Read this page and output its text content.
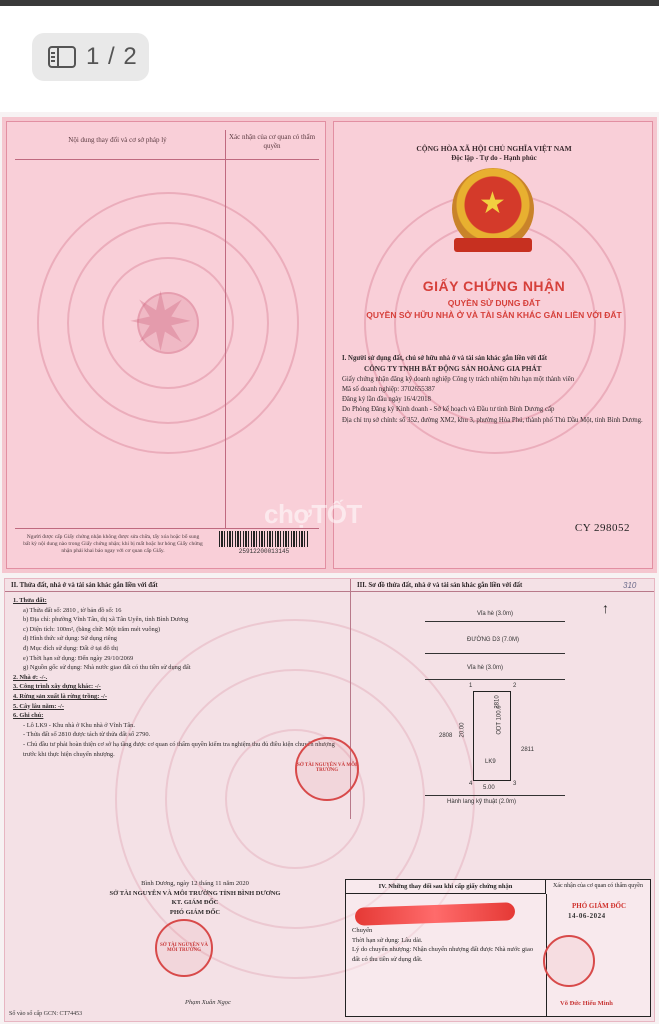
1 / 2
✷
Nội dung thay đổi và cơ sở pháp lý	Xác nhận của cơ quan có thẩm quyền
Người được cấp Giấy chứng nhận không được sửa chữa, tẩy xóa hoặc bổ sung bất kỳ nội dung nào trong Giấy chứng nhận; khi bị mất hoặc hư hỏng Giấy chứng nhận phải khai báo ngay với cơ quan cấp Giấy.	25912200013145
CỘNG HÒA XÃ HỘI CHỦ NGHĨA VIỆT NAM
Độc lập - Tự do - Hạnh phúc
★
GIẤY CHỨNG NHẬN
QUYỀN SỬ DỤNG ĐẤT
QUYỀN SỞ HỮU NHÀ Ở VÀ TÀI SẢN KHÁC GẮN LIỀN VỚI ĐẤT
I. Người sử dụng đất, chủ sở hữu nhà ở và tài sản khác gắn liền với đất
CÔNG TY TNHH BẤT ĐỘNG SẢN HOÀNG GIA PHÁT
Giấy chứng nhận đăng ký doanh nghiệp Công ty trách nhiệm hữu hạn một thành viên
Mã số doanh nghiệp: 3702655387
Đăng ký lần đầu ngày 16/4/2018
Do Phòng Đăng ký Kinh doanh - Sở kế hoạch và Đầu tư tỉnh Bình Dương cấp
Địa chỉ trụ sở chính: số 352, đường XM2, khu 3, phường Hòa Phú, thành phố Thủ Dầu Một, tỉnh Bình Dương.
CY 298052
chợTỐT
II. Thửa đất, nhà ở và tài sản khác gắn liền với đất	III. Sơ đồ thửa đất, nhà ở và tài sản khác gắn liền với đất	310
1. Thửa đất:
a) Thửa đất số: 2810 , tờ bản đồ số: 16
b) Địa chỉ: phường Vĩnh Tân, thị xã Tân Uyên, tỉnh Bình Dương
c) Diện tích: 100m², (bằng chữ: Một trăm mét vuông)
d) Hình thức sử dụng: Sử dụng riêng
đ) Mục đích sử dụng: Đất ở tại đô thị
e) Thời hạn sử dụng: Đến ngày 29/10/2069
g) Nguồn gốc sử dụng: Nhà nước giao đất có thu tiền sử dụng đất
2. Nhà ở: -/-.
3. Công trình xây dựng khác: -/-
4. Rừng sản xuất là rừng trồng: -/-
5. Cây lâu năm: -/-
6. Ghi chú:
- Lô LK9 - Khu nhà ở Khu nhà ở Vĩnh Tân.
- Thửa đất số 2810 được tách từ thửa đất số 2790.
- Chủ đầu tư phải hoàn thiện cơ sở hạ tầng được cơ quan có thẩm quyền kiểm tra nghiệm thu đủ điều kiện chuyển nhượng trước khi thực hiện chuyển nhượng.
Vỉa hè (3.0m)
ĐƯỜNG D3 (7.0M)
Vỉa hè (3.0m)
1	2
3
4
2810
ODT 100.0
LK9
2808
2811
5.00
20.00
Hành lang kỹ thuật (2.0m)
↑
SỞ TÀI NGUYÊN VÀ MÔI TRƯỜNG
Bình Dương, ngày 12 tháng 11 năm 2020
SỞ TÀI NGUYÊN VÀ MÔI TRƯỜNG TỈNH BÌNH DƯƠNG
KT. GIÁM ĐỐC
PHÓ GIÁM ĐỐC
SỞ TÀI NGUYÊN VÀ MÔI TRƯỜNG
Phạm Xuân Ngọc
Số vào sổ cấp GCN: CT74453
IV. Những thay đổi sau khi cấp giấy chứng nhận	Xác nhận của cơ quan có thẩm quyền
PHÓ GIÁM ĐỐC
14-06-2024
Chuyển
Thời hạn sử dụng: Lâu dài.
Lý do chuyển nhượng: Nhận chuyển nhượng đất được Nhà nước giao đất có thu tiền sử dụng đất.
Võ Đức Hiếu Minh
